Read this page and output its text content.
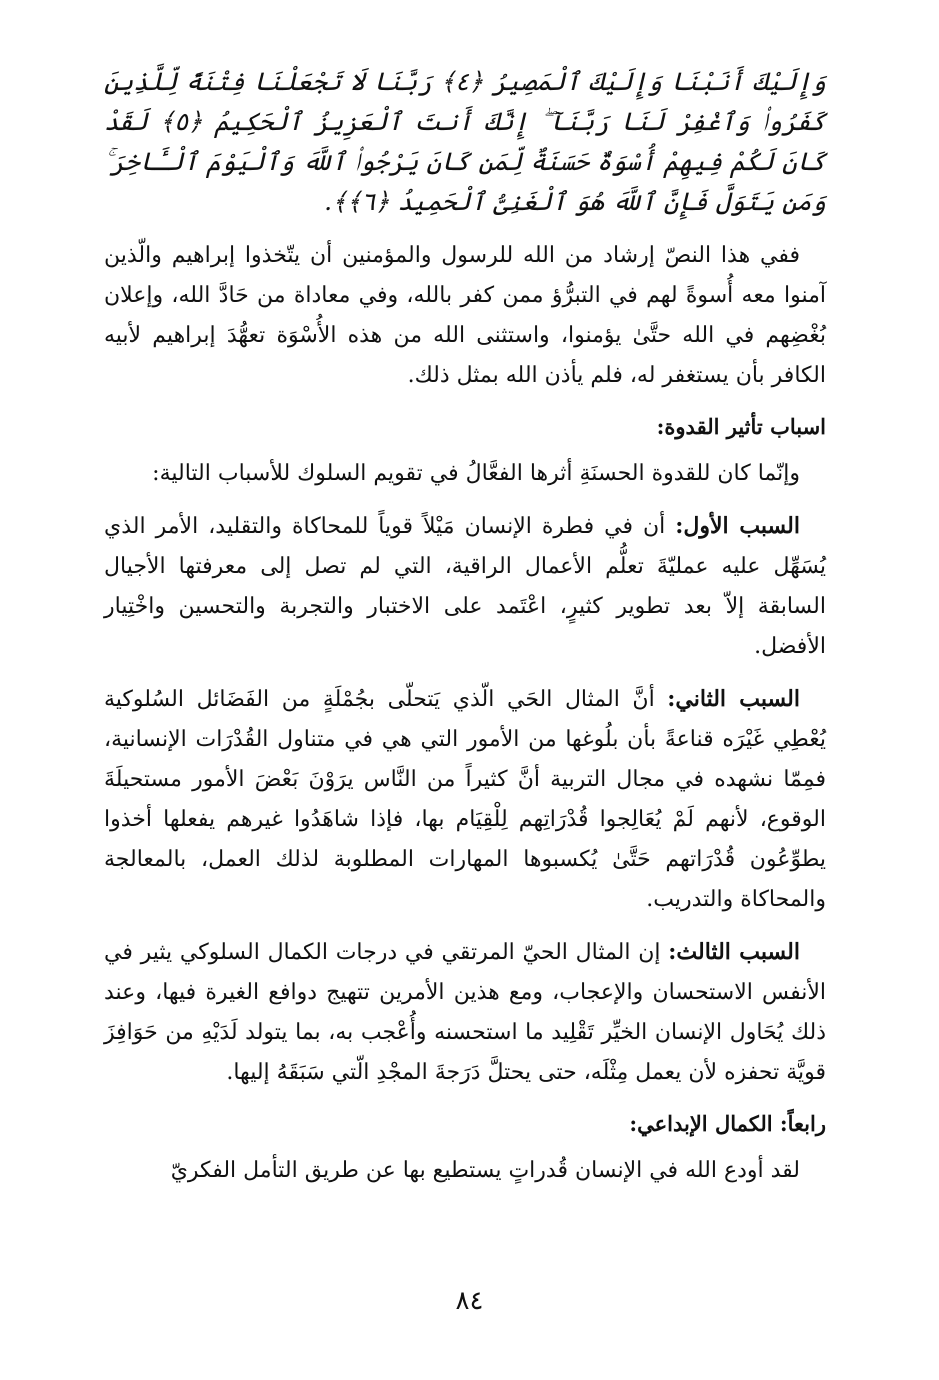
وَإِلَيْكَ أَنَبْنَا وَإِلَيْكَ ٱلْمَصِيرُ ﴿٤﴾ رَبَّنَا لَا تَجْعَلْنَا فِتْنَةً لِّلَّذِينَ كَفَرُوا۟ وَٱغْفِرْ لَنَا رَبَّنَآ ۖ إِنَّكَ أَنتَ ٱلْعَزِيزُ ٱلْحَكِيمُ ﴿٥﴾ لَقَدْ كَانَ لَكُمْ فِيهِمْ أُسْوَةٌ حَسَنَةٌ لِّمَن كَانَ يَرْجُوا۟ ٱللَّهَ وَٱلْيَوْمَ ٱلْـَٔاخِرَ ۚ وَمَن يَتَوَلَّ فَإِنَّ ٱللَّهَ هُوَ ٱلْغَنِىُّ ٱلْحَمِيدُ ﴿٦﴾﴾.

ففي هذا النصّ إرشاد من الله للرسول والمؤمنين أن يتّخذوا إبراهيم والّذين آمنوا معه أُسوةً لهم في التبرُّؤ ممن كفر بالله، وفي معاداة من حَادَّ الله، وإعلان بُغْضِهم في الله حتَّىٰ يؤمنوا، واستثنى الله من هذه الأُسْوَة تعهُّدَ إبراهيم لأبيه الكافر بأن يستغفر له، فلم يأذن الله بمثل ذلك.

اسباب تأثير القدوة:

وإنّما كان للقدوة الحسنَةِ أثرها الفعَّالُ في تقويم السلوك للأسباب التالية:

السبب الأول: أن في فطرة الإنسان مَيْلاً قوياً للمحاكاة والتقليد، الأمر الذي يُسَهِّل عليه عمليّةَ تعلُّم الأعمال الراقية، التي لم تصل إلى معرفتها الأجيال السابقة إلاّ بعد تطوير كثيرٍ، اعْتَمد على الاختبار والتجربة والتحسين واخْتِيار الأفضل.

السبب الثاني: أنَّ المثال الحَي الّذي يَتحلّى بجُمْلَةٍ من الفَضَائل السُلوكية يُعْطِي غَيْرَه قناعةً بأن بلُوغها من الأمور التي هي في متناول القُدْرَات الإنسانية، فمِمّا نشهده في مجال التربية أنَّ كثيراً من النَّاس يرَوْنَ بَعْضَ الأمور مستحيلَةَ الوقوع، لأنهم لَمْ يُعَالِجوا قُدْرَاتِهم لِلْقِيَام بها، فإذا شاهَدُوا غيرهم يفعلها أخذوا يطوِّعُون قُدْرَاتهم حَتَّىٰ يُكسبوها المهارات المطلوبة لذلك العمل، بالمعالجة والمحاكاة والتدريب.

السبب الثالث: إن المثال الحيّ المرتقي في درجات الكمال السلوكي يثير في الأنفس الاستحسان والإعجاب، ومع هذين الأمرين تتهيج دوافع الغيرة فيها، وعند ذلك يُحَاول الإنسان الخيِّر تَقْلِيد ما استحسنه وأُعْجب به، بما يتولد لَدَيْهِ من حَوَافِزَ قويَّة تحفزه لأن يعمل مِثْلَه، حتى يحتلَّ دَرَجةَ المجْدِ الّتي سَبَقَهُ إليها.

رابعاً: الكمال الإبداعي:

لقد أودع الله في الإنسان قُدراتٍ يستطيع بها عن طريق التأمل الفكريّ

٨٤
